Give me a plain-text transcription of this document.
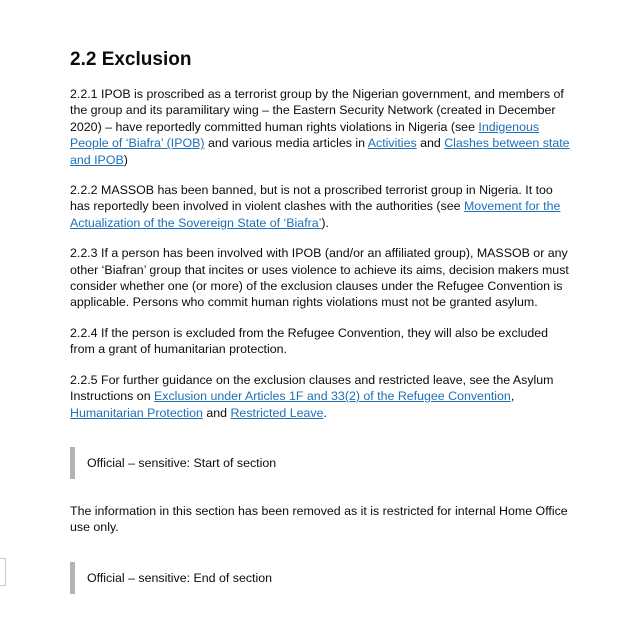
2.2 Exclusion

2.2.1 IPOB is proscribed as a terrorist group by the Nigerian government, and members of the group and its paramilitary wing – the Eastern Security Network (created in December 2020) – have reportedly committed human rights violations in Nigeria (see Indigenous People of ‘Biafra’ (IPOB) and various media articles in Activities and Clashes between state and IPOB)

2.2.2 MASSOB has been banned, but is not a proscribed terrorist group in Nigeria. It too has reportedly been involved in violent clashes with the authorities (see Movement for the Actualization of the Sovereign State of ‘Biafra’).

2.2.3 If a person has been involved with IPOB (and/or an affiliated group), MASSOB or any other ‘Biafran’ group that incites or uses violence to achieve its aims, decision makers must consider whether one (or more) of the exclusion clauses under the Refugee Convention is applicable. Persons who commit human rights violations must not be granted asylum.

2.2.4 If the person is excluded from the Refugee Convention, they will also be excluded from a grant of humanitarian protection.

2.2.5 For further guidance on the exclusion clauses and restricted leave, see the Asylum Instructions on Exclusion under Articles 1F and 33(2) of the Refugee Convention, Humanitarian Protection and Restricted Leave.

Official – sensitive: Start of section

The information in this section has been removed as it is restricted for internal Home Office use only.

Official – sensitive: End of section
